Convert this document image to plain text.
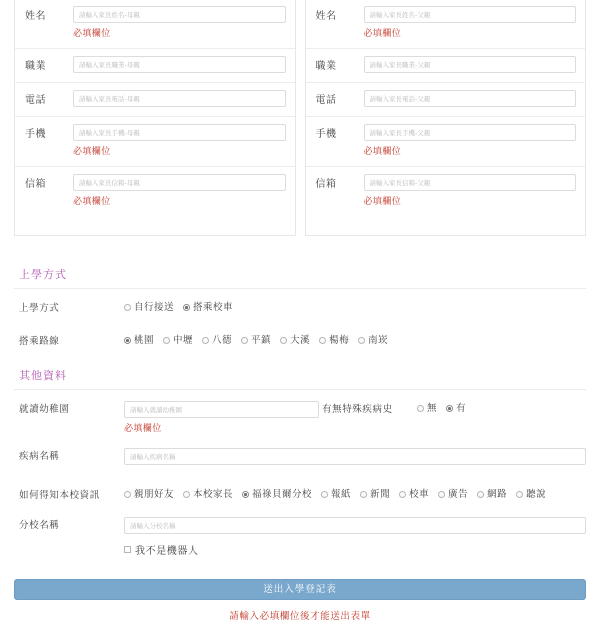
姓名
請輸入家長姓名-母親
必填欄位
職業
請輸入家長職業-母親
電話
請輸入家長電話-母親
手機
請輸入家長手機-母親
必填欄位
信箱
請輸入家長信箱-母親
必填欄位
姓名
請輸入家長姓名-父親
必填欄位
職業
請輸入家長職業-父親
電話
請輸入家長電話-父親
手機
請輸入家長手機-父親
必填欄位
信箱
請輸入家長信箱-父親
必填欄位
上學方式
上學方式	自行接送 搭乘校車
搭乘路線	桃園 中壢 八德 平鎮 大溪 楊梅 南崁
其他資料
就讀幼稚園
請輸入就讀幼稚園
必填欄位
有無特殊疾病史	無 有
疾病名稱
請輸入疾病名稱
如何得知本校資訊	親朋好友 本校家長 福祿貝爾分校 報紙 新聞 校車 廣告 網路 聽說
分校名稱
請輸入分校名稱
我不是機器人
送出入學登記表
請輸入必填欄位後才能送出表單
